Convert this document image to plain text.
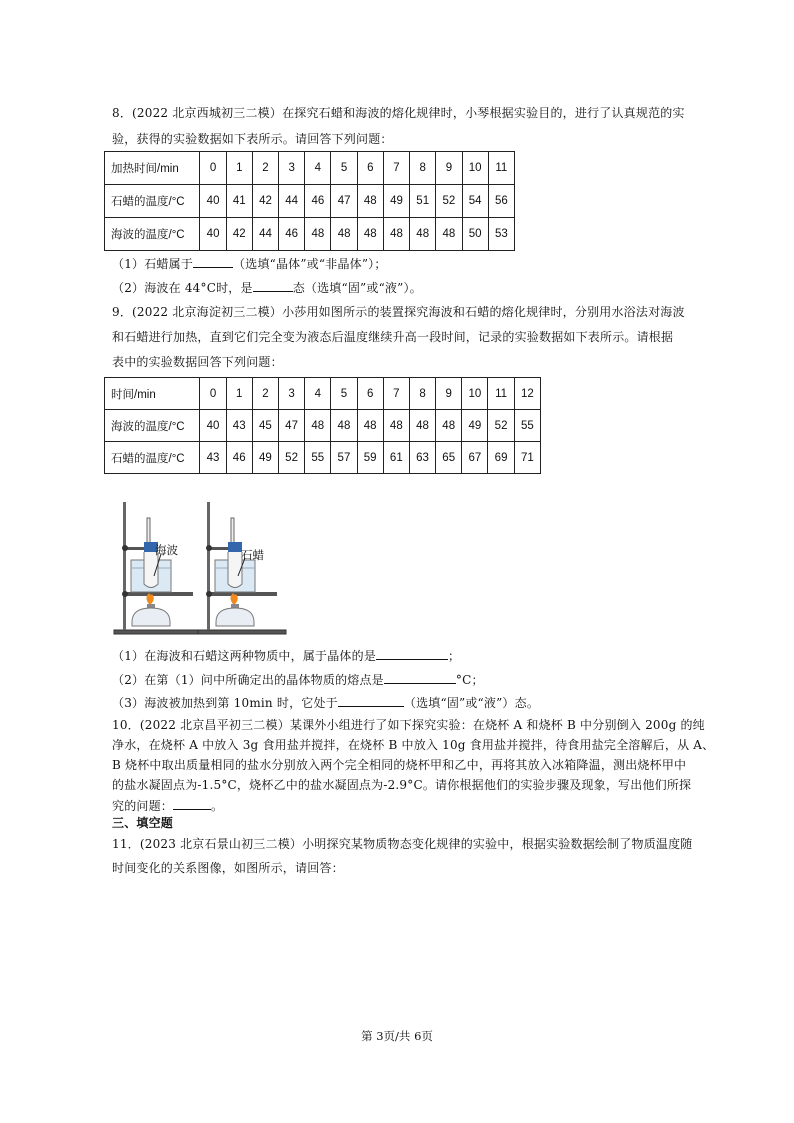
8．(2022 北京西城初三二模）在探究石蜡和海波的熔化规律时，小琴根据实验目的，进行了认真规范的实
验，获得的实验数据如下表所示。请回答下列问题：
加热时间/min	0	1	2	3	4	5	6	7	8	9	10	11
石蜡的温度/°C	40	41	42	44	46	47	48	49	51	52	54	56
海波的温度/°C	40	42	44	46	48	48	48	48	48	48	50	53
（1）石蜡属于	（选填“晶体”或“非晶体”）；
（2）海波在 44°C时，是	态（选填“固”或“液”）。
9．(2022 北京海淀初三二模）小莎用如图所示的装置探究海波和石蜡的熔化规律时，分别用水浴法对海波
和石蜡进行加热，直到它们完全变为液态后温度继续升高一段时间，记录的实验数据如下表所示。请根据
表中的实验数据回答下列问题：
时间/min	0	1	2	3	4	5	6	7	8	9	10	11	12
海波的温度/°C	40	43	45	47	48	48	48	48	48	48	49	52	55
石蜡的温度/°C	43	46	49	52	55	57	59	61	63	65	67	69	71
海波	石蜡
（1）在海波和石蜡这两种物质中，属于晶体的是	；
（2）在第（1）问中所确定出的晶体物质的熔点是	°C；
（3）海波被加热到第 10min 时，它处于	（选填“固”或“液”）态。
10．(2022 北京昌平初三二模）某课外小组进行了如下探究实验：在烧杯 A 和烧杯 B 中分别倒入 200g 的纯
净水，在烧杯 A 中放入 3g 食用盐并搅拌，在烧杯 B 中放入 10g 食用盐并搅拌，待食用盐完全溶解后，从 A、
B 烧杯中取出质量相同的盐水分别放入两个完全相同的烧杯甲和乙中，再将其放入冰箱降温，测出烧杯甲中
的盐水凝固点为-1.5°C，烧杯乙中的盐水凝固点为-2.9°C。请你根据他们的实验步骤及现象，写出他们所探
究的问题：	。
三、填空题
11．(2023 北京石景山初三二模）小明探究某物质物态变化规律的实验中，根据实验数据绘制了物质温度随
时间变化的关系图像，如图所示，请回答：
第 3页/共 6页
